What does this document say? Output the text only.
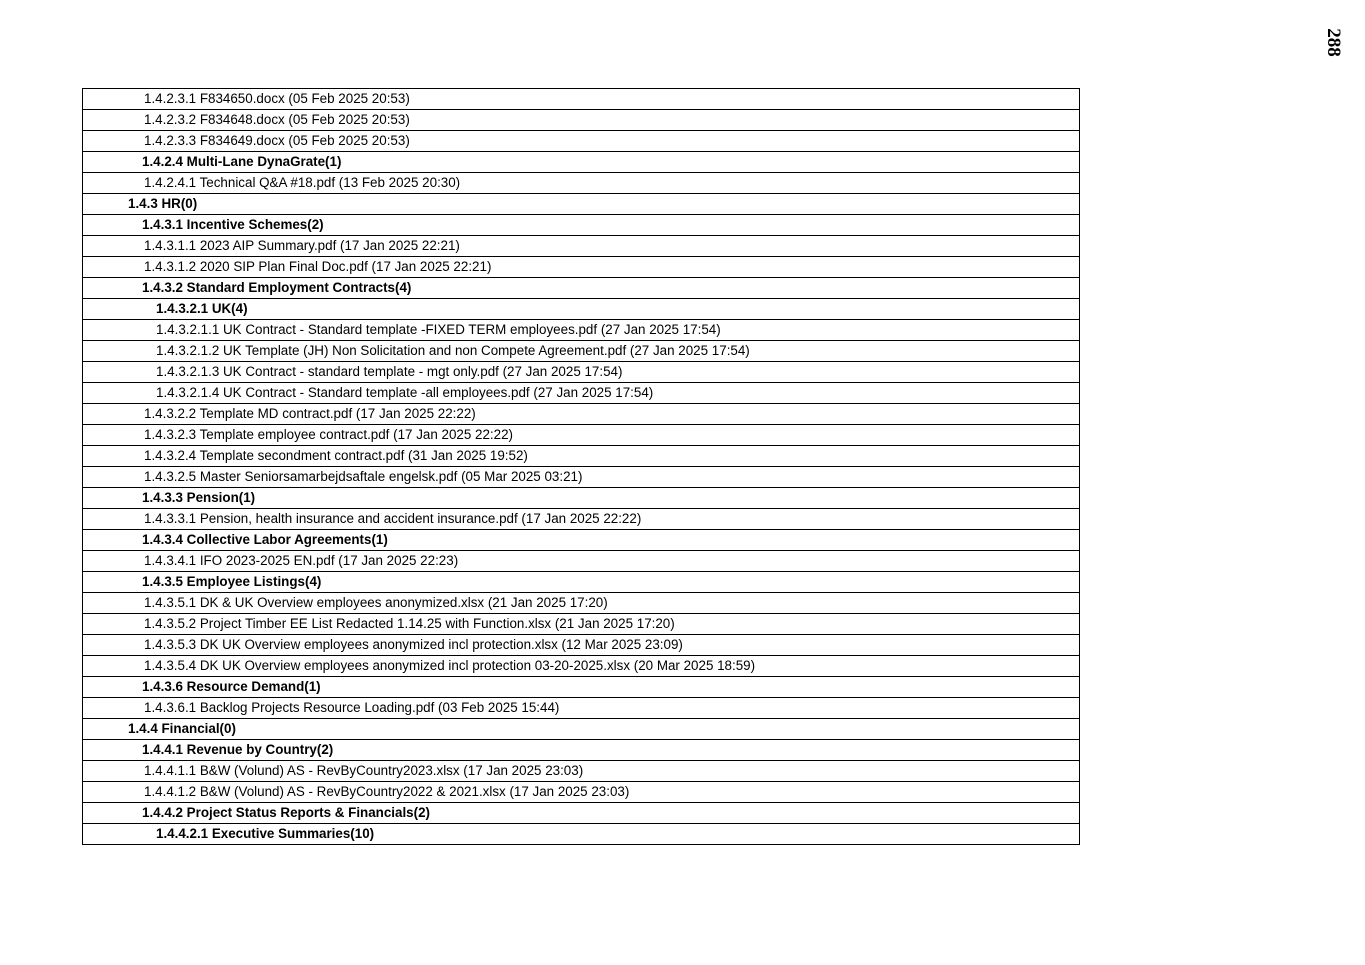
288
1.4.2.3.1 F834650.docx (05 Feb 2025 20:53)
1.4.2.3.2 F834648.docx (05 Feb 2025 20:53)
1.4.2.3.3 F834649.docx (05 Feb 2025 20:53)
1.4.2.4 Multi-Lane DynaGrate(1)
1.4.2.4.1 Technical Q&A #18.pdf (13 Feb 2025 20:30)
1.4.3 HR(0)
1.4.3.1 Incentive Schemes(2)
1.4.3.1.1 2023 AIP Summary.pdf (17 Jan 2025 22:21)
1.4.3.1.2 2020 SIP Plan Final Doc.pdf (17 Jan 2025 22:21)
1.4.3.2 Standard Employment Contracts(4)
1.4.3.2.1 UK(4)
1.4.3.2.1.1 UK Contract - Standard template -FIXED TERM employees.pdf (27 Jan 2025 17:54)
1.4.3.2.1.2 UK Template (JH) Non Solicitation and non Compete Agreement.pdf (27 Jan 2025 17:54)
1.4.3.2.1.3 UK Contract - standard template - mgt only.pdf (27 Jan 2025 17:54)
1.4.3.2.1.4 UK Contract - Standard template -all employees.pdf (27 Jan 2025 17:54)
1.4.3.2.2 Template MD contract.pdf (17 Jan 2025 22:22)
1.4.3.2.3 Template employee contract.pdf (17 Jan 2025 22:22)
1.4.3.2.4 Template secondment contract.pdf (31 Jan 2025 19:52)
1.4.3.2.5 Master Seniorsamarbejdsaftale engelsk.pdf (05 Mar 2025 03:21)
1.4.3.3 Pension(1)
1.4.3.3.1 Pension, health insurance and accident insurance.pdf (17 Jan 2025 22:22)
1.4.3.4 Collective Labor Agreements(1)
1.4.3.4.1 IFO 2023-2025 EN.pdf (17 Jan 2025 22:23)
1.4.3.5 Employee Listings(4)
1.4.3.5.1 DK & UK Overview employees anonymized.xlsx (21 Jan 2025 17:20)
1.4.3.5.2 Project Timber EE List Redacted 1.14.25 with Function.xlsx (21 Jan 2025 17:20)
1.4.3.5.3 DK UK Overview employees anonymized incl protection.xlsx (12 Mar 2025 23:09)
1.4.3.5.4 DK UK Overview employees anonymized incl protection 03-20-2025.xlsx (20 Mar 2025 18:59)
1.4.3.6 Resource Demand(1)
1.4.3.6.1 Backlog Projects Resource Loading.pdf (03 Feb 2025 15:44)
1.4.4 Financial(0)
1.4.4.1 Revenue by Country(2)
1.4.4.1.1 B&W (Volund) AS - RevByCountry2023.xlsx (17 Jan 2025 23:03)
1.4.4.1.2 B&W (Volund) AS - RevByCountry2022 & 2021.xlsx (17 Jan 2025 23:03)
1.4.4.2 Project Status Reports & Financials(2)
1.4.4.2.1 Executive Summaries(10)
